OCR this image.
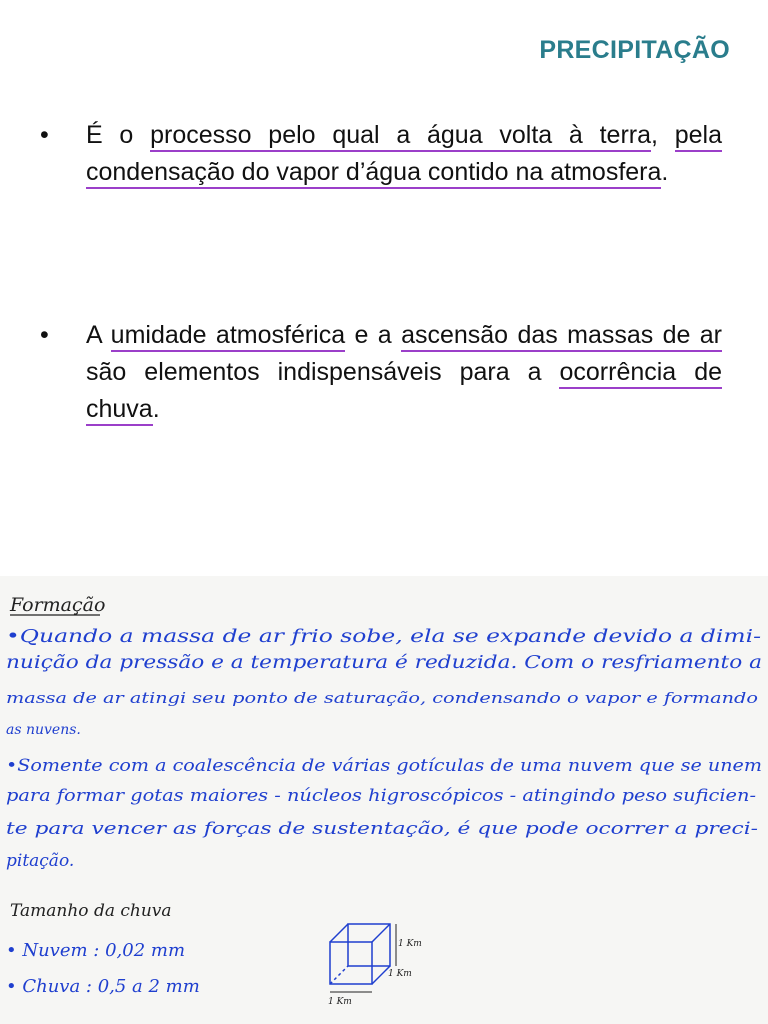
PRECIPITAÇÃO
•	É o processo pelo qual a água volta à terra, pela condensação do vapor d’água contido na atmosfera.
•	A umidade atmosférica e a ascensão das massas de ar são elementos indispensáveis para a ocorrência de chuva.
Formação
•Quando a massa de ar frio sobe, ela se expande devido a dimi-
nuição da pressão e a temperatura é reduzida. Com o resfriamento a
massa de ar atingi seu ponto de saturação, condensando o vapor e formando
as nuvens.
•Somente com a coalescência de várias gotículas de uma nuvem que se unem
para formar gotas maiores - núcleos higroscópicos - atingindo peso suficien-
te para vencer as forças de sustentação, é que pode ocorrer a preci-
pitação.
Tamanho da chuva
• Nuvem : 0,02 mm
• Chuva : 0,5 a 2 mm
1 Km
1 Km
1 Km
